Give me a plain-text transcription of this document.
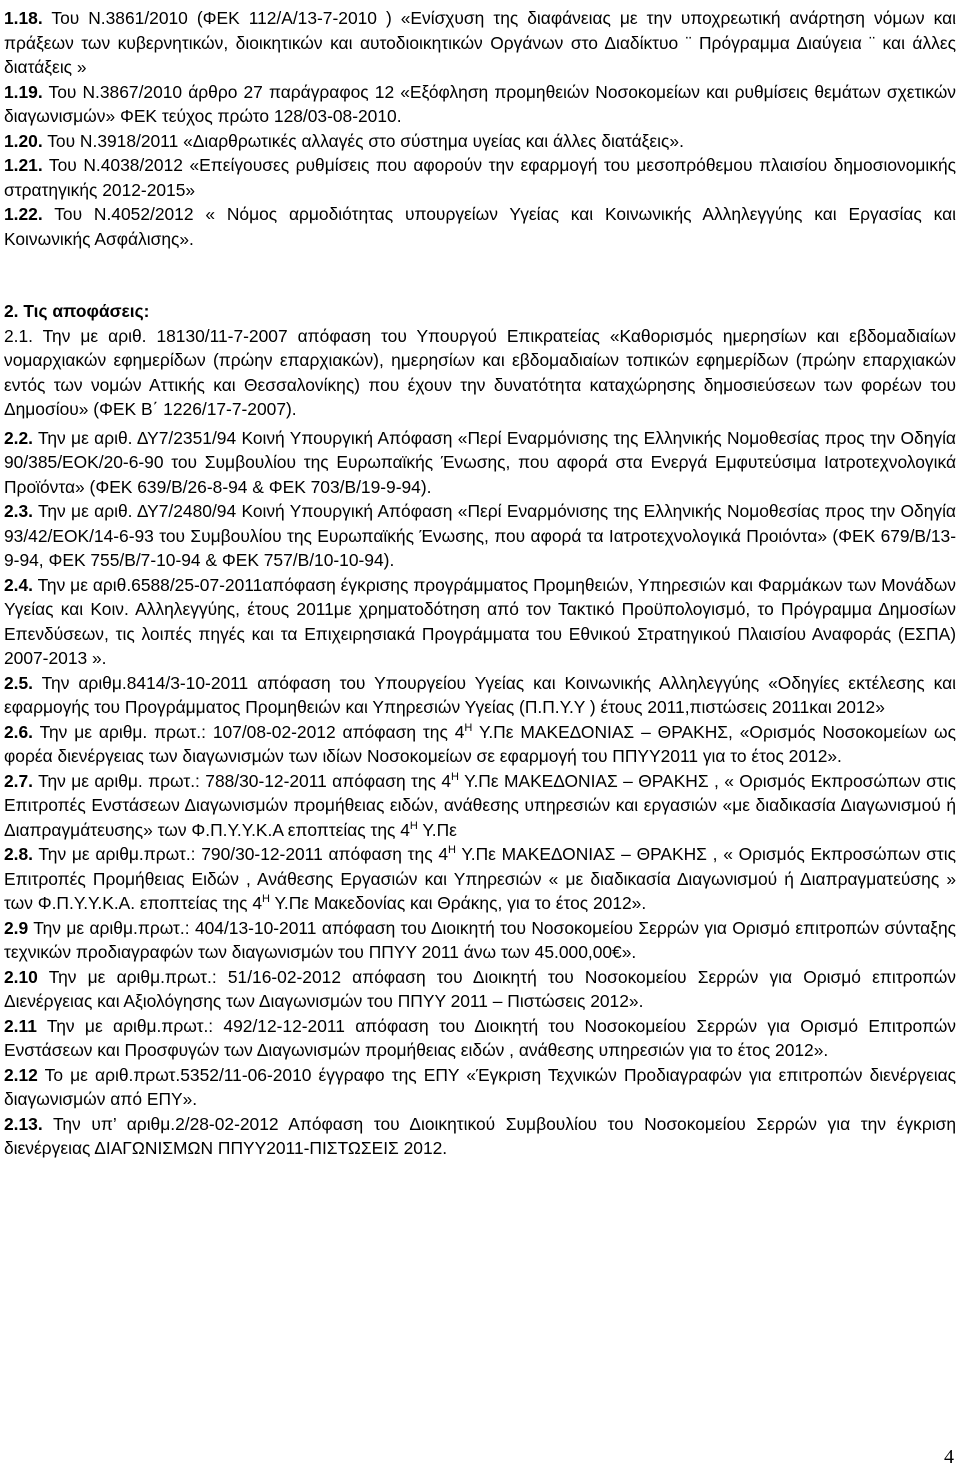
1.18. Του Ν.3861/2010 (ΦΕΚ 112/Α/13-7-2010 ) «Ενίσχυση της διαφάνειας με την υποχρεωτική ανάρτηση νόμων και πράξεων των κυβερνητικών, διοικητικών και αυτοδιοικητικών Οργάνων στο Διαδίκτυο ¨ Πρόγραμμα Διαύγεια ¨ και άλλες διατάξεις »

1.19. Του Ν.3867/2010 άρθρο 27 παράγραφος 12 «Εξόφληση προμηθειών Νοσοκομείων και ρυθμίσεις θεμάτων σχετικών διαγωνισμών» ΦΕΚ τεύχος πρώτο 128/03-08-2010.

1.20. Του Ν.3918/2011 «Διαρθρωτικές αλλαγές στο σύστημα υγείας και άλλες διατάξεις».

1.21. Του Ν.4038/2012 «Επείγουσες ρυθμίσεις που αφορούν την εφαρμογή του μεσοπρόθεμου πλαισίου δημοσιονομικής στρατηγικής 2012-2015»

1.22. Του Ν.4052/2012 « Νόμος αρμοδιότητας υπουργείων Υγείας και Κοινωνικής Αλληλεγγύης και Εργασίας και Κοινωνικής Ασφάλισης».

2. Τις αποφάσεις:

2.1. Την με αριθ. 18130/11-7-2007 απόφαση του Υπουργού Επικρατείας «Καθορισμός ημερησίων και εβδομαδιαίων νομαρχιακών εφημερίδων (πρώην επαρχιακών), ημερησίων και εβδομαδιαίων τοπικών εφημερίδων (πρώην επαρχιακών εντός των νομών Αττικής και Θεσσαλονίκης) που έχουν την δυνατότητα καταχώρησης δημοσιεύσεων των φορέων του Δημοσίου» (ΦΕΚ Β΄ 1226/17-7-2007).

2.2. Την με αριθ. ΔΥ7/2351/94 Κοινή Υπουργική Απόφαση «Περί Εναρμόνισης της Ελληνικής Νομοθεσίας προς την Οδηγία 90/385/ΕΟΚ/20-6-90 του Συμβουλίου της Ευρωπαϊκής Ένωσης, που αφορά στα Ενεργά Εμφυτεύσιμα Ιατροτεχνολογικά Προϊόντα» (ΦΕΚ 639/Β/26-8-94 & ΦΕΚ 703/Β/19-9-94).

2.3. Την με αριθ. ΔΥ7/2480/94 Κοινή Υπουργική Απόφαση «Περί Εναρμόνισης της Ελληνικής Νομοθεσίας προς την Οδηγία 93/42/ΕΟΚ/14-6-93 του Συμβουλίου της Ευρωπαϊκής Ένωσης, που αφορά τα Ιατροτεχνολογικά Προιόντα» (ΦΕΚ 679/Β/13-9-94, ΦΕΚ 755/Β/7-10-94 & ΦΕΚ 757/Β/10-10-94).

2.4. Την με αριθ.6588/25-07-2011απόφαση έγκρισης προγράμματος Προμηθειών, Υπηρεσιών και Φαρμάκων των Μονάδων Υγείας και Κοιν. Αλληλεγγύης, έτους 2011με χρηματοδότηση από τον Τακτικό Προϋπολογισμό, το Πρόγραμμα Δημοσίων Επενδύσεων, τις λοιπές πηγές και τα Επιχειρησιακά Προγράμματα του Εθνικού Στρατηγικού Πλαισίου Αναφοράς (ΕΣΠΑ) 2007-2013 ».

2.5. Την αριθμ.8414/3-10-2011 απόφαση του Υπουργείου Υγείας και Κοινωνικής Αλληλεγγύης «Οδηγίες εκτέλεσης και εφαρμογής του Προγράμματος Προμηθειών και Υπηρεσιών Υγείας (Π.Π.Υ.Υ ) έτους 2011,πιστώσεις 2011και 2012»

2.6. Την με αριθμ. πρωτ.: 107/08-02-2012 απόφαση της $4^H$ Υ.Πε ΜΑΚΕΔΟΝΙΑΣ – ΘΡΑΚΗΣ, «Ορισμός Νοσοκομείων ως φορέα διενέργειας των διαγωνισμών των ιδίων Νοσοκομείων σε εφαρμογή του ΠΠΥΥ2011 για το έτος 2012».

2.7. Την με αριθμ. πρωτ.: 788/30-12-2011 απόφαση της $4^H$ Υ.Πε ΜΑΚΕΔΟΝΙΑΣ – ΘΡΑΚΗΣ , « Ορισμός Εκπροσώπων στις Επιτροπές Ενστάσεων Διαγωνισμών προμήθειας ειδών, ανάθεσης υπηρεσιών και εργασιών «με διαδικασία Διαγωνισμού ή Διαπραγμάτευσης» των Φ.Π.Υ.Υ.Κ.Α εποπτείας της $4^H$ Υ.Πε

2.8. Την με αριθμ.πρωτ.: 790/30-12-2011 απόφαση της $4^H$ Υ.Πε ΜΑΚΕΔΟΝΙΑΣ – ΘΡΑΚΗΣ , « Ορισμός Εκπροσώπων στις Επιτροπές Προμήθειας Ειδών , Ανάθεσης Εργασιών και Υπηρεσιών « με διαδικασία Διαγωνισμού ή Διαπραγματεύσης » των Φ.Π.Υ.Υ.Κ.Α. εποπτείας της $4^H$ Υ.Πε Μακεδονίας και Θράκης, για το έτος 2012».

2.9 Την με αριθμ.πρωτ.: 404/13-10-2011 απόφαση του Διοικητή του Νοσοκομείου Σερρών για Ορισμό επιτροπών σύνταξης τεχνικών προδιαγραφών των διαγωνισμών του ΠΠΥΥ 2011 άνω των 45.000,00€».

2.10 Την με αριθμ.πρωτ.: 51/16-02-2012 απόφαση του Διοικητή του Νοσοκομείου Σερρών για Ορισμό επιτροπών Διενέργειας και Αξιολόγησης των Διαγωνισμών του ΠΠΥΥ 2011 – Πιστώσεις 2012».

2.11 Την με αριθμ.πρωτ.: 492/12-12-2011 απόφαση του Διοικητή του Νοσοκομείου Σερρών για Ορισμό Επιτροπών Ενστάσεων και Προσφυγών των Διαγωνισμών προμήθειας ειδών , ανάθεσης υπηρεσιών για το έτος 2012».

2.12 Το με αριθ.πρωτ.5352/11-06-2010 έγγραφο της ΕΠΥ «Έγκριση Τεχνικών Προδιαγραφών για επιτροπών διενέργειας διαγωνισμών από ΕΠΥ».

2.13. Την υπ’ αριθμ.2/28-02-2012 Απόφαση του Διοικητικού Συμβουλίου του Νοσοκομείου Σερρών για την έγκριση διενέργειας ΔΙΑΓΩΝΙΣΜΩΝ ΠΠΥΥ2011-ΠΙΣΤΩΣΕΙΣ 2012.

4
